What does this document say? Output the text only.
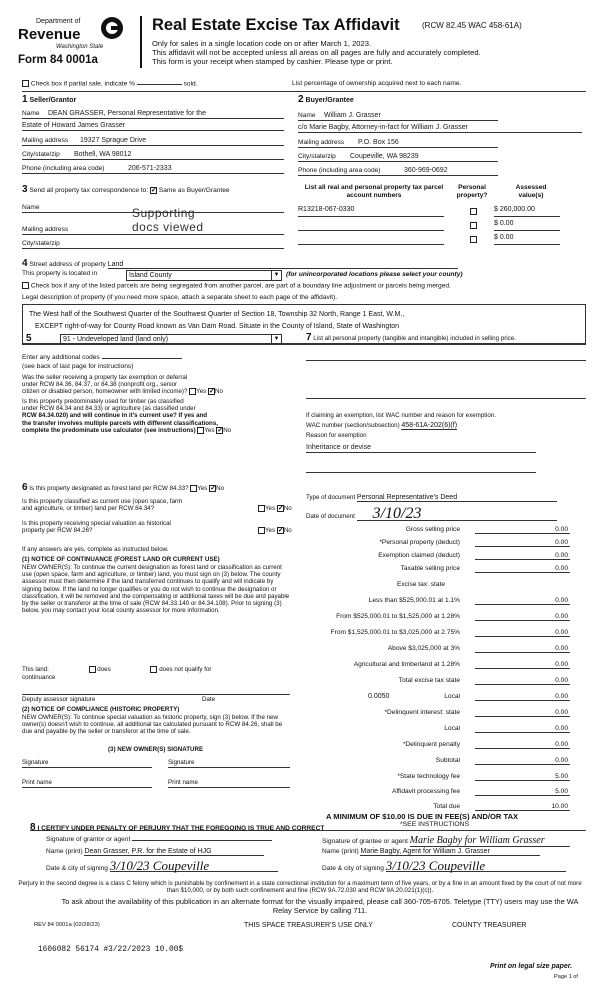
Department of
Revenue
Washington State
Form 84 0001a
Real Estate Excise Tax Affidavit	(RCW 82.45 WAC 458-61A)
Only for sales in a single location code on or after March 1, 2023.
This affidavit will not be accepted unless all areas on all pages are fully and accurately completed.
This form is your receipt when stamped by cashier. Please type or print.
Check box if partial sale, indicate %	sold.	List percentage of ownership acquired next to each name.
1 Seller/Grantor
Name DEAN GRASSER, Personal Representative for the
Estate of Howard James Grasser
Mailing address 19327 Sprague Drive
City/state/zip Bothell, WA 98012
Phone (including area code)	206-571-2333
2 Buyer/Grantee
Name William J. Grasser
c/o Marie Bagby, Attorney-in-fact for William J. Grasser
Mailing address P.O. Box 156
City/state/zip Coupeville, WA 98239
Phone (including area code)	360-969-0692
3 Send all property tax correspondence to: ✓ Same as Buyer/Grantee
Name	Supporting
Mailing address	docs viewed
City/state/zip
List all real and personal property tax parcel account numbers
Personal property?
Assessed value(s)
R13218-067-0330	$ 260,000.00
$ 0.00
$ 0.00
4 Street address of property Land
This property is located in	Island County	▼ (for unincorporated locations please select your county)
Check box if any of the listed parcels are being segregated from another parcel, are part of a boundary line adjustment or parcels being merged.
Legal description of property (if you need more space, attach a separate sheet to each page of the affidavit).
The West half of the Southwest Quarter of the Southwest Quarter of Section 18, Township 32 North, Range 1 East, W.M.,
EXCEPT right-of-way for County Road known as Van Dam Road. Situate in the County of Island, State of Washington
5	91 - Undeveloped land (land only)	▼
Enter any additional codes
(see back of last page for instructions)
Was the seller receiving a property tax exemption or deferral
under RCW 84.36, 84.37, or 84.38 (nonprofit org., senior
citizen or disabled person, homeowner with limited income)? Yes ✓ No
Is this property predominately used for timber (as classified
under RCW 84.34 and 84.33) or agriculture (as classified under
RCW 84.34.020) and will continue in it's current use? If yes and
the transfer involves multiple parcels with different classifications,
complete the predominate use calculator (see instructions) Yes ✓ No
6 Is this property designated as forest land per RCW 84.33? Yes ✓ No
Is this property classified as current use (open space, farm
and agriculture, or timber) land per RCW 84.34?	Yes ✓ No
Is this property receiving special valuation as historical
property per RCW 84.26?	Yes ✓ No
If any answers are yes, complete as instructed below.
(1) NOTICE OF CONTINUANCE (FOREST LAND OR CURRENT USE)
NEW OWNER(S): To continue the current designation as forest land or classification as current use (open space, farm and agriculture, or timber) land, you must sign on (3) below. The county assessor must then determine if the land transferred continues to qualify and will indicate by signing below. If the land no longer qualifies or you do not wish to continue the designation or classification, it will be removed and the compensating or additional taxes will be due and payable by the seller or transferor at the time of sale (RCW 84.33.140 or 84.34.108). Prior to signing (3) below, you may contact your local county assessor for more information.
This land:	does	does not qualify for
continuance
Deputy assessor signature	Date
(2) NOTICE OF COMPLIANCE (HISTORIC PROPERTY)
NEW OWNER(S): To continue special valuation as historic property, sign (3) below. If the new owner(s) doesn't wish to continue, all additional tax calculated pursuant to RCW 84.26, shall be due and payable by the seller or transferor at the time of sale.
(3) NEW OWNER(S) SIGNATURE
Signature	Signature
Print name	Print name
7 List all personal property (tangible and intangible) included in selling price.
If claiming an exemption, list WAC number and reason for exemption.
WAC number (section/subsection) 458-61A-202(6)(f)
Reason for exemption
Inheritance or devise
Type of document Personal Representative's Deed
Date of document 3/10/23
Gross selling price	0.00
*Personal property (deduct)	0.00
Exemption claimed (deduct)	0.00
Taxable selling price	0.00
Excise tax: state
Less than $525,000.01 at 1.1%	0.00
From $525,000.01 to $1,525,000 at 1.28%	0.00
From $1,525,000.01 to $3,025,000 at 2.75%	0.00
Above $3,025,000 at 3%	0.00
Agricultural and timberland at 1.28%	0.00
Total excise tax state	0.00
0.0050	Local	0.00
*Delinquent interest: state	0.00
Local	0.00
*Delinquent penalty	0.00
Subtotal	0.00
*State technology fee	5.00
Affidavit processing fee	5.00
Total due	10.00
A MINIMUM OF $10.00 IS DUE IN FEE(S) AND/OR TAX
*SEE INSTRUCTIONS
8 I CERTIFY UNDER PENALTY OF PERJURY THAT THE FOREGOING IS TRUE AND CORRECT
Signature of grantor or agent
Name (print) Dean Grasser, P.R. for the Estate of HJG
Date & city of signing 3/10/23 Coupeville
Signature of grantee or agent Marie Bagby for William Grasser
Name (print) Marie Bagby, Agent for William J. Grasser
Date & city of signing 3/10/23 Coupeville
Perjury in the second degree is a class C felony which is punishable by confinement in a state correctional institution for a maximum term of five years, or by a fine in an amount fixed by the court of not more than $10,000, or by both such confinement and fine (RCW 9A.72.030 and RCW 9A.20.021(1)(c)).
To ask about the availability of this publication in an alternate format for the visually impaired, please call 360-705-6705. Teletype (TTY) users may use the WA Relay Service by calling 711.
REV 84 0001a (02/28/23)	THIS SPACE TREASURER'S USE ONLY	COUNTY TREASURER
1606082 56174 #3/22/2023 10.00$
Print on legal size paper.
Page 1 of
